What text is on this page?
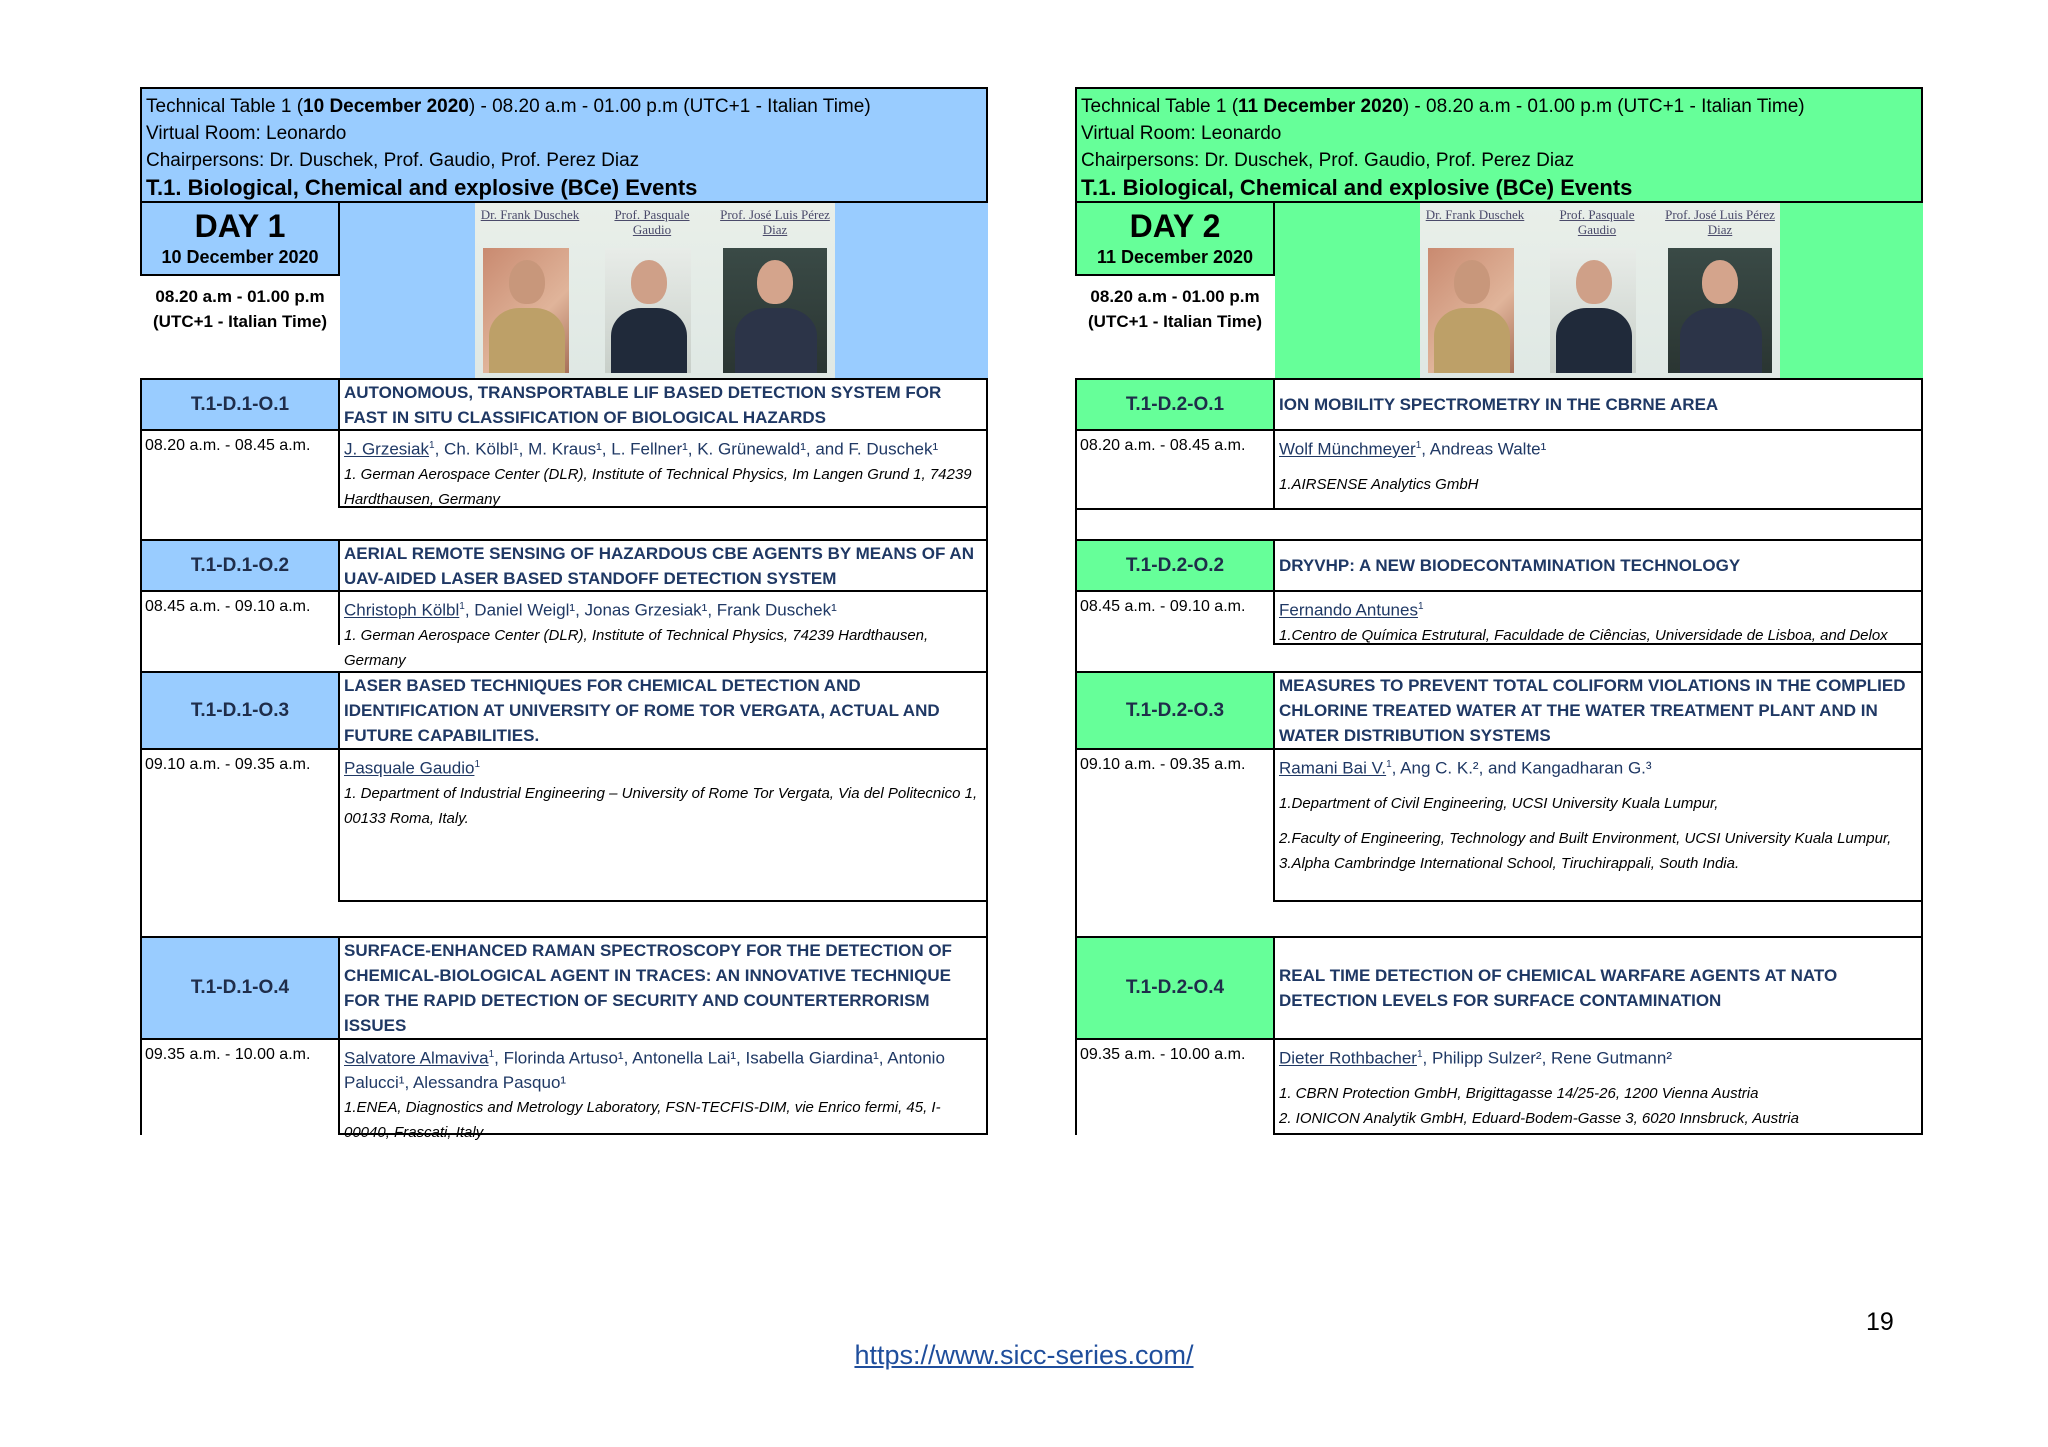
Technical Table 1 (10 December 2020) - 08.20 a.m - 01.00 p.m (UTC+1 - Italian Time)
Virtual Room: Leonardo
Chairpersons: Dr. Duschek, Prof. Gaudio, Prof. Perez Diaz
T.1. Biological, Chemical and explosive (BCe) Events
DAY 1
10 December 2020
08.20 a.m - 01.00 p.m
(UTC+1 - Italian Time)
Dr. Frank Duschek	Prof. Pasquale Gaudio
Prof. José Luis Pérez Diaz
T.1-D.1-O.1
AUTONOMOUS, TRANSPORTABLE LIF BASED DETECTION SYSTEM FOR FAST IN SITU CLASSIFICATION OF BIOLOGICAL HAZARDS
08.20 a.m. - 08.45 a.m.	J. Grzesiak$^1$, Ch. Kölbl¹, M. Kraus¹, L. Fellner¹, K. Grünewald¹, and F. Duschek¹
1. German Aerospace Center (DLR), Institute of Technical Physics, Im Langen Grund 1, 74239 Hardthausen, Germany
T.1-D.1-O.2
AERIAL REMOTE SENSING OF HAZARDOUS CBE AGENTS BY MEANS OF AN UAV-AIDED LASER BASED STANDOFF DETECTION SYSTEM
08.45 a.m. - 09.10 a.m.	Christoph Kölbl$^1$, Daniel Weigl¹, Jonas Grzesiak¹, Frank Duschek¹
1. German Aerospace Center (DLR), Institute of Technical Physics, 74239 Hardthausen, Germany
T.1-D.1-O.3
LASER BASED TECHNIQUES FOR CHEMICAL DETECTION AND IDENTIFICATION AT UNIVERSITY OF ROME TOR VERGATA, ACTUAL AND FUTURE CAPABILITIES.
09.10 a.m. - 09.35 a.m.	Pasquale Gaudio$^1$
1. Department of Industrial Engineering – University of Rome Tor Vergata, Via del Politecnico 1, 00133 Roma, Italy.
T.1-D.1-O.4
SURFACE-ENHANCED RAMAN SPECTROSCOPY FOR THE DETECTION OF CHEMICAL-BIOLOGICAL AGENT IN TRACES: AN INNOVATIVE TECHNIQUE FOR THE RAPID DETECTION OF SECURITY AND COUNTERTERRORISM ISSUES
09.35 a.m. - 10.00 a.m.	Salvatore Almaviva$^1$, Florinda Artuso¹, Antonella Lai¹, Isabella Giardina¹, Antonio Palucci¹, Alessandra Pasquo¹
1.ENEA, Diagnostics and Metrology Laboratory, FSN-TECFIS-DIM, vie Enrico fermi, 45, I-00040, Frascati, Italy
Technical Table 1 (11 December 2020) - 08.20 a.m - 01.00 p.m (UTC+1 - Italian Time)
Virtual Room: Leonardo
Chairpersons: Dr. Duschek, Prof. Gaudio, Prof. Perez Diaz
T.1. Biological, Chemical and explosive (BCe) Events
DAY 2
11 December 2020
08.20 a.m - 01.00 p.m
(UTC+1 - Italian Time)
Dr. Frank Duschek	Prof. Pasquale Gaudio
Prof. José Luis Pérez Diaz
T.1-D.2-O.1	ION MOBILITY SPECTROMETRY IN THE CBRNE AREA
08.20 a.m. - 08.45 a.m.	Wolf Münchmeyer$^1$, Andreas Walte¹
1.AIRSENSE Analytics GmbH
T.1-D.2-O.2	DRYVHP: A NEW BIODECONTAMINATION TECHNOLOGY
08.45 a.m. - 09.10 a.m.	Fernando Antunes$^1$
1.Centro de Química Estrutural, Faculdade de Ciências, Universidade de Lisboa, and Delox
T.1-D.2-O.3
MEASURES TO PREVENT TOTAL COLIFORM VIOLATIONS IN THE COMPLIED CHLORINE TREATED WATER AT THE WATER TREATMENT PLANT AND IN WATER DISTRIBUTION SYSTEMS
09.10 a.m. - 09.35 a.m.	Ramani Bai V.$^1$, Ang C. K.², and Kangadharan G.³
1.Department of Civil Engineering, UCSI University Kuala Lumpur,
2.Faculty of Engineering, Technology and Built Environment, UCSI University Kuala Lumpur,
3.Alpha Cambrindge International School, Tiruchirappali, South India.
T.1-D.2-O.4
REAL TIME DETECTION OF CHEMICAL WARFARE AGENTS AT NATO DETECTION LEVELS FOR SURFACE CONTAMINATION
09.35 a.m. - 10.00 a.m.	Dieter Rothbacher$^1$, Philipp Sulzer², Rene Gutmann²
1. CBRN Protection GmbH, Brigittagasse 14/25-26, 1200 Vienna Austria
2. IONICON Analytik GmbH, Eduard-Bodem-Gasse 3, 6020 Innsbruck, Austria
19
https://www.sicc-series.com/
